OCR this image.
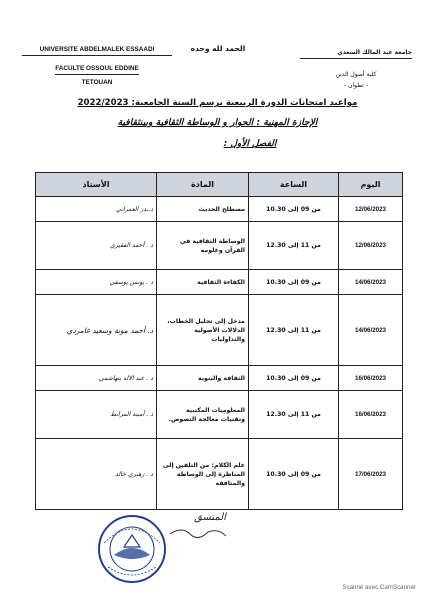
UNIVERSITE ABDELMALEK ESSAADI
FACULTE OSSOUL EDDINE
TETOUAN
الحمد لله وحده	جامعة عبد المالك السعدي
كلية أصول الدين
- تطوان -
مواعيد امتحانات الدورة الربيعية برسم السنة الجامعية: 2022/2023
الإجازة المهنية : الحوار و الوساطة الثقافية وبينثقافية
الفصل الأول :
اليوم	الساعة	المادة	الأستاذ
12/06/2023	من 09 إلى 10.30	مصطلح الحديث	د.بدر العمراني
12/06/2023	من 11 إلى 12.30	الوساطة الثقافية في القرآن وعلومه	د . أحمد الفقيري
14/06/2023	من 09 إلى 10.30	الكفاءة الثقافية	د . يونس يوسفي
14/06/2023	من 11 إلى 12.30	مدخل إلى تحليل الخطاب، الدلالات الأصولية والتداوليات	د. أحمد مونة وسعيد غامردي
16/06/2023	من 09 إلى 10.30	الثقافة والبنوية	د . عبد الاله بنهاشمي
16/06/2023	من 11 إلى 12.30	المعلوميات المكتبية وتقنيات معالجة النصوص.	د . أمينة المرابط
17/06/2023	من 09 إلى 10.30	علم الكلام: من التلقين إلى المناظرة إلى الوساطة والمثاقفة	د . زهيري خالد
المنسق
Scanné avec CamScanner
